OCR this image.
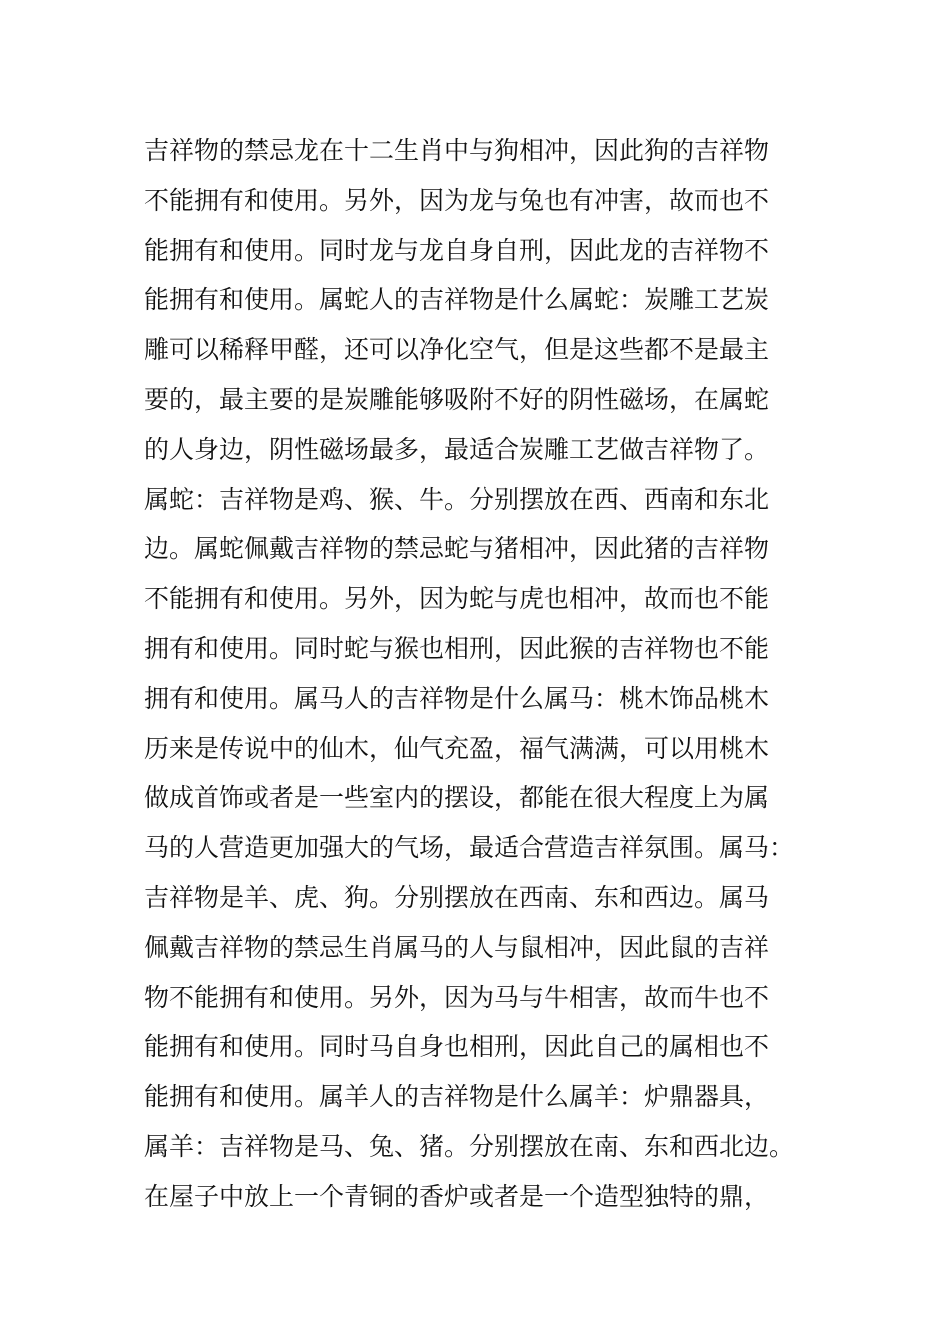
吉祥物的禁忌龙在十二生肖中与狗相冲，因此狗的吉祥物
不能拥有和使用。另外，因为龙与兔也有冲害，故而也不
能拥有和使用。同时龙与龙自身自刑，因此龙的吉祥物不
能拥有和使用。属蛇人的吉祥物是什么属蛇：炭雕工艺炭
雕可以稀释甲醛，还可以净化空气，但是这些都不是最主
要的，最主要的是炭雕能够吸附不好的阴性磁场，在属蛇
的人身边，阴性磁场最多，最适合炭雕工艺做吉祥物了。
属蛇：吉祥物是鸡、猴、牛。分别摆放在西、西南和东北
边。属蛇佩戴吉祥物的禁忌蛇与猪相冲，因此猪的吉祥物
不能拥有和使用。另外，因为蛇与虎也相冲，故而也不能
拥有和使用。同时蛇与猴也相刑，因此猴的吉祥物也不能
拥有和使用。属马人的吉祥物是什么属马：桃木饰品桃木
历来是传说中的仙木，仙气充盈，福气满满，可以用桃木
做成首饰或者是一些室内的摆设，都能在很大程度上为属
马的人营造更加强大的气场，最适合营造吉祥氛围。属马：
吉祥物是羊、虎、狗。分别摆放在西南、东和西边。属马
佩戴吉祥物的禁忌生肖属马的人与鼠相冲，因此鼠的吉祥
物不能拥有和使用。另外，因为马与牛相害，故而牛也不
能拥有和使用。同时马自身也相刑，因此自己的属相也不
能拥有和使用。属羊人的吉祥物是什么属羊：炉鼎器具，
属羊：吉祥物是马、兔、猪。分别摆放在南、东和西北边。
在屋子中放上一个青铜的香炉或者是一个造型独特的鼎，
